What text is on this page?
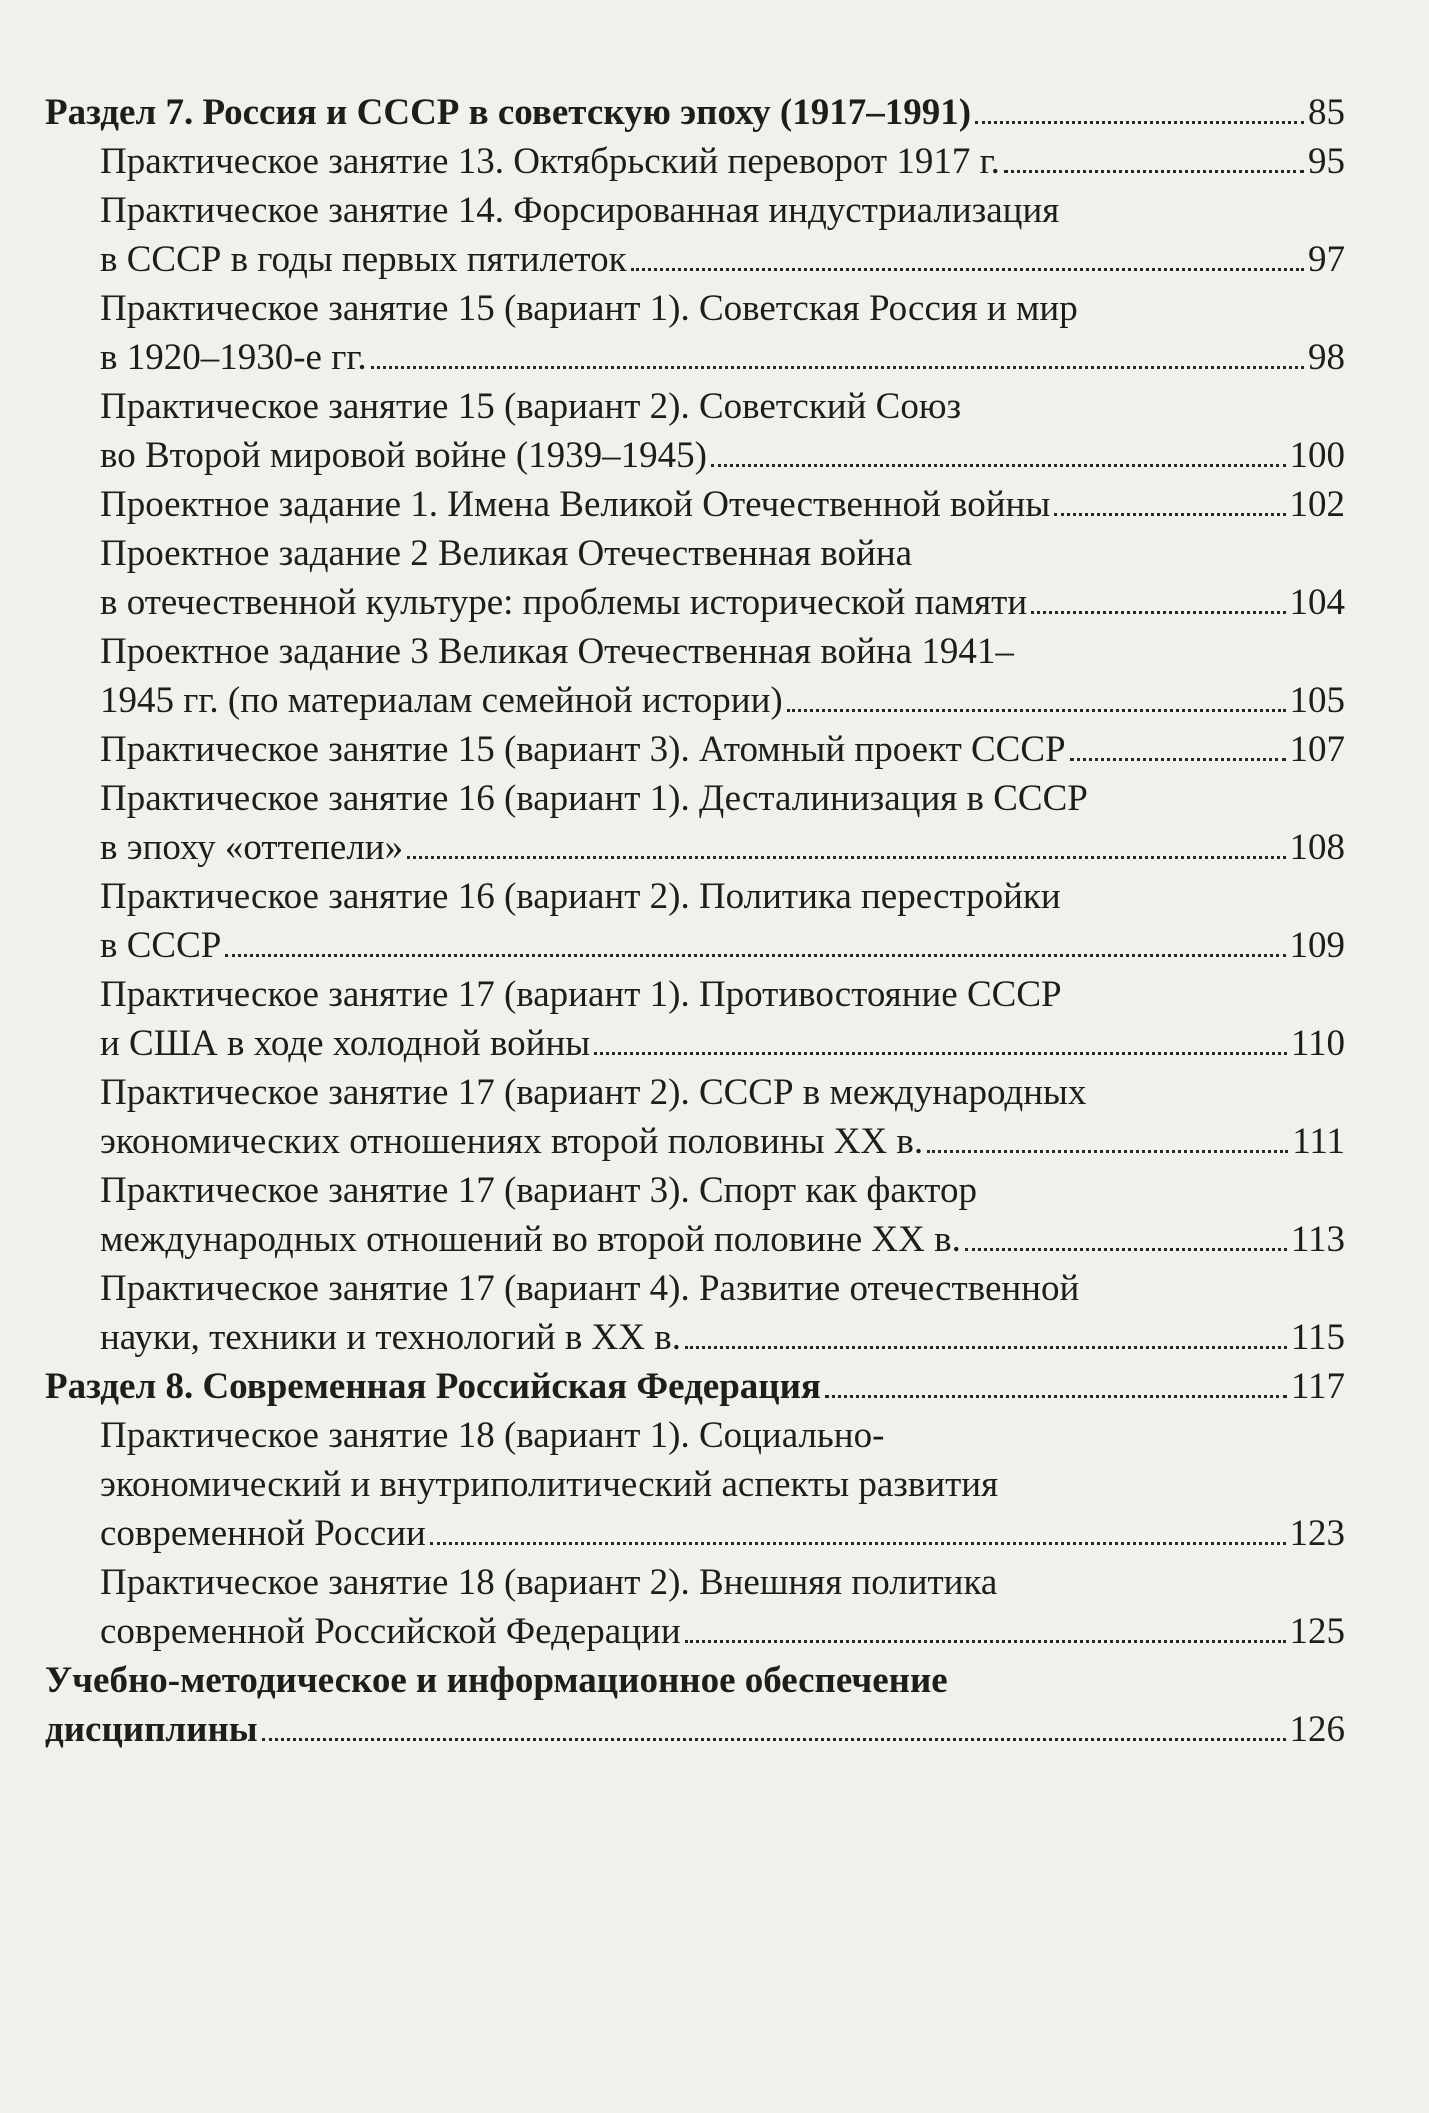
Раздел 7. Россия и СССР в советскую эпоху (1917–1991)	85
Практическое занятие 13. Октябрьский переворот 1917 г.	95
Практическое занятие 14. Форсированная индустриализация
в СССР в годы первых пятилеток	97
Практическое занятие 15 (вариант 1). Советская Россия и мир
в 1920–1930-е гг.	98
Практическое занятие 15 (вариант 2). Советский Союз
во Второй мировой войне (1939–1945)	100
Проектное задание 1. Имена Великой Отечественной войны	102
Проектное задание 2 Великая Отечественная война
в отечественной культуре: проблемы исторической памяти	104
Проектное задание 3 Великая Отечественная война 1941–
1945 гг. (по материалам семейной истории)	105
Практическое занятие 15 (вариант 3). Атомный проект СССР	107
Практическое занятие 16 (вариант 1). Десталинизация в СССР
в эпоху «оттепели»	108
Практическое занятие 16 (вариант 2). Политика перестройки
в СССР	109
Практическое занятие 17 (вариант 1). Противостояние СССР
и США в ходе холодной войны	110
Практическое занятие 17 (вариант 2). СССР в международных
экономических отношениях второй половины XX в.	111
Практическое занятие 17 (вариант 3). Спорт как фактор
международных отношений во второй половине XX в.	113
Практическое занятие 17 (вариант 4). Развитие отечественной
науки, техники и технологий в XX в.	115
Раздел 8. Современная Российская Федерация	117
Практическое занятие 18 (вариант 1). Социально-
экономический и внутриполитический аспекты развития
современной России	123
Практическое занятие 18 (вариант 2). Внешняя политика
современной Российской Федерации	125
Учебно-методическое и информационное обеспечение
дисциплины	126
